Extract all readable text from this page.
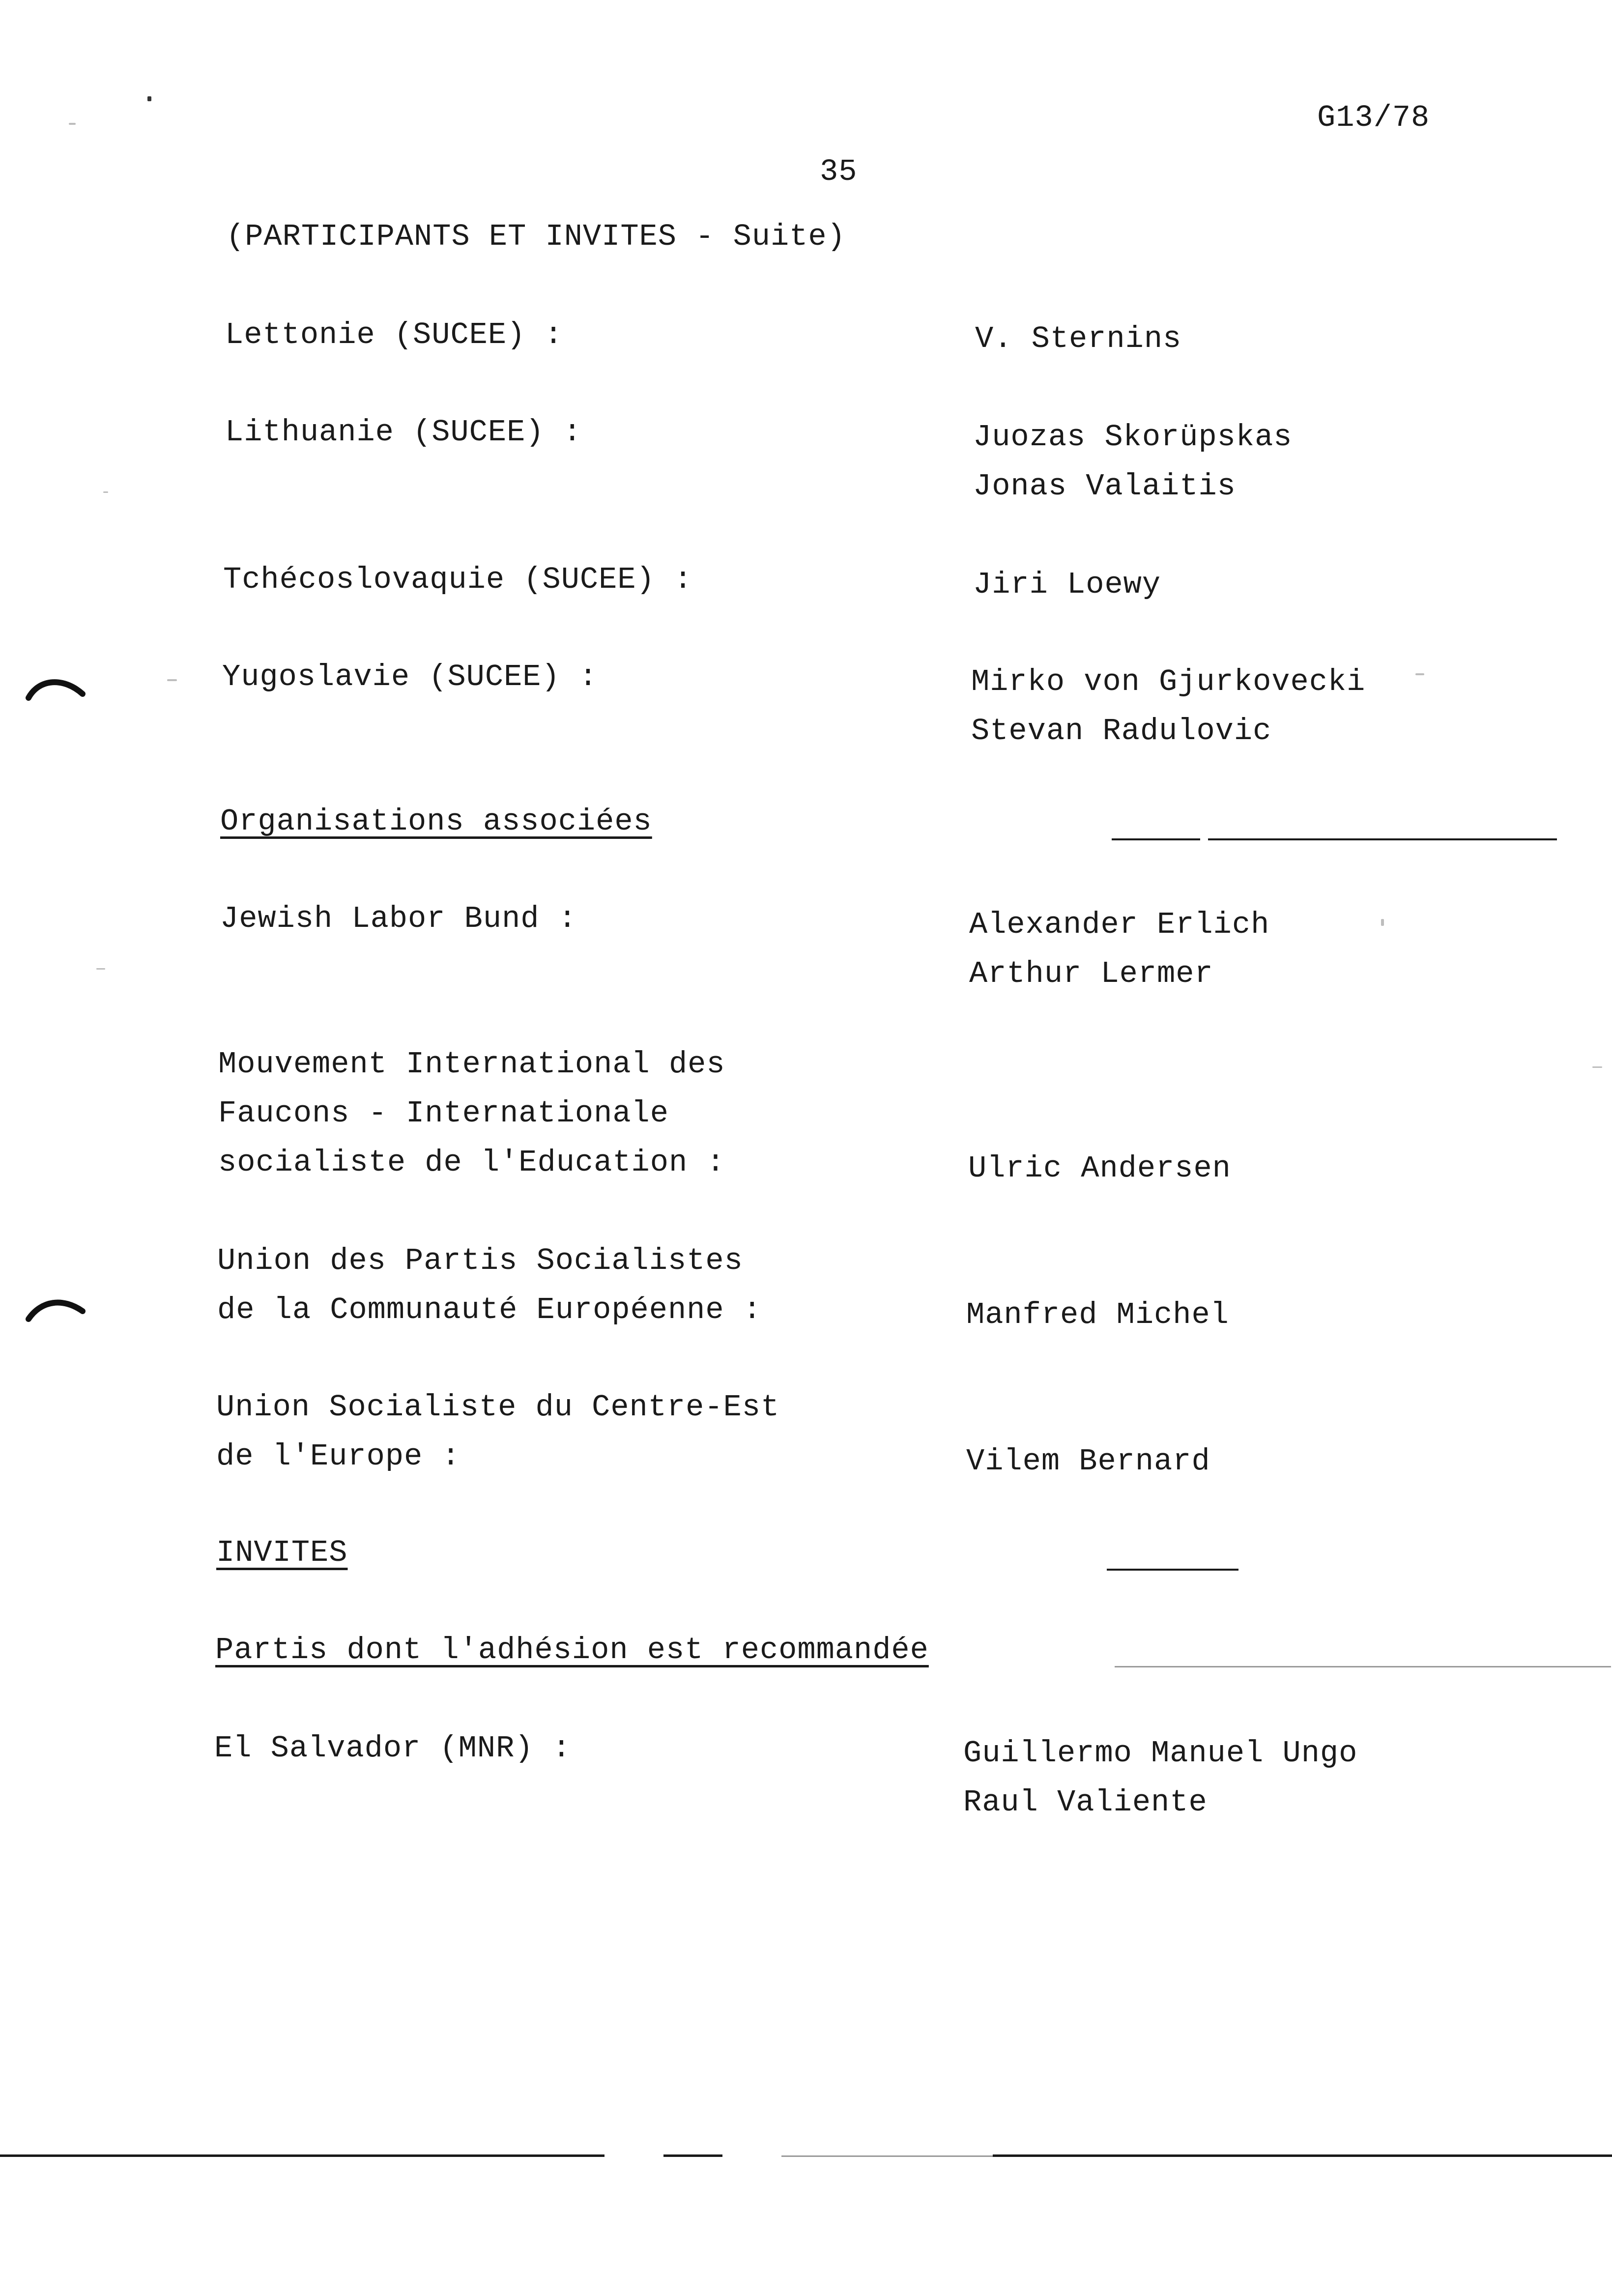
G13/78
35
(PARTICIPANTS ET INVITES - Suite)
Lettonie (SUCEE) :	V. Sternins
Lithuanie (SUCEE) :	Juozas Skorüpskas
Jonas Valaitis
Tchécoslovaquie (SUCEE) :	Jiri Loewy
Yugoslavie (SUCEE) :	Mirko von Gjurkovecki
Stevan Radulovic
Organisations associées
Jewish Labor Bund :	Alexander Erlich
Arthur Lermer
Mouvement International des
Faucons - Internationale
socialiste de l'Education :	Ulric Andersen
Union des Partis Socialistes
de la Communauté Européenne :	Manfred Michel
Union Socialiste du Centre-Est
de l'Europe :	Vilem Bernard
INVITES
Partis dont l'adhésion est recommandée
El Salvador (MNR) :	Guillermo Manuel Ungo
Raul Valiente
